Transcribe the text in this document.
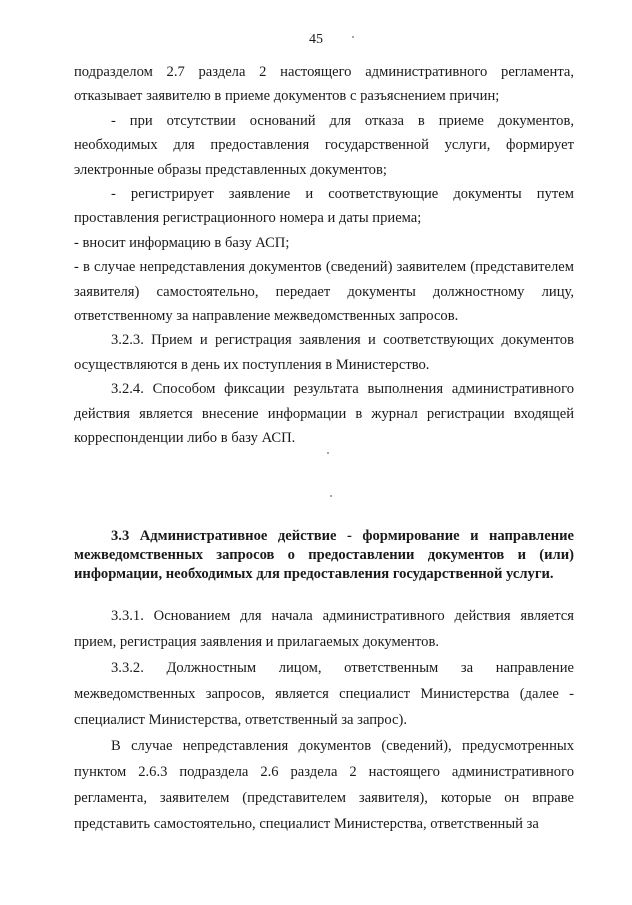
45

подразделом 2.7 раздела 2 настоящего административного регламента, отказывает заявителю в приеме документов с разъяснением причин;

- при отсутствии оснований для отказа в приеме документов, необходимых для предоставления государственной услуги, формирует электронные образы представленных документов;

- регистрирует заявление и соответствующие документы путем проставления регистрационного номера и даты приема;

- вносит информацию в базу АСП;

- в случае непредставления документов (сведений) заявителем (представителем заявителя) самостоятельно, передает документы должностному лицу, ответственному за направление межведомственных запросов.

3.2.3. Прием и регистрация заявления и соответствующих документов осуществляются в день их поступления в Министерство.

3.2.4. Способом фиксации результата выполнения административного действия является внесение информации в журнал регистрации входящей корреспонденции либо в базу АСП.

3.3 Административное действие - формирование и направление межведомственных запросов о предоставлении документов и (или) информации, необходимых для предоставления государственной услуги.

3.3.1. Основанием для начала административного действия является прием, регистрация заявления и прилагаемых документов.

3.3.2. Должностным лицом, ответственным за направление межведомственных запросов, является специалист Министерства (далее - специалист Министерства, ответственный за запрос).

В случае непредставления документов (сведений), предусмотренных пунктом 2.6.3 подраздела 2.6 раздела 2 настоящего административного регламента, заявителем (представителем заявителя), которые он вправе представить самостоятельно, специалист Министерства, ответственный за
